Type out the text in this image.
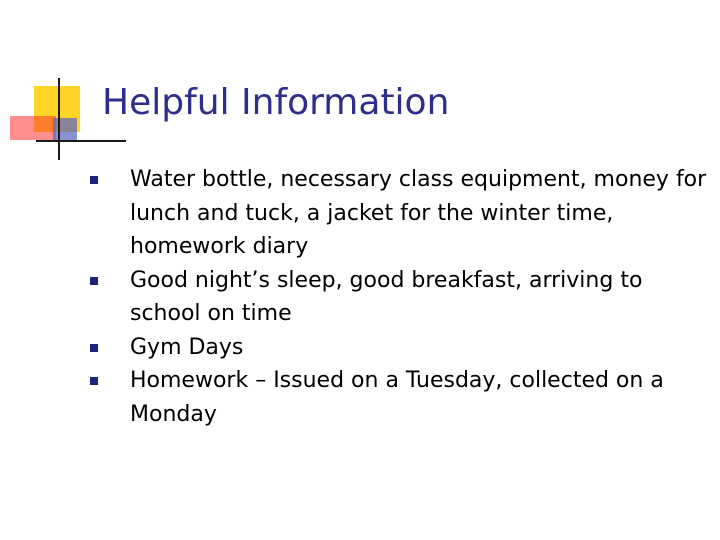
Helpful Information
Water bottle, necessary class equipment, money for lunch and tuck, a jacket for the winter time, homework diary
Good night’s sleep, good breakfast, arriving to school on time
Gym Days
Homework – Issued on a Tuesday, collected on a Monday
